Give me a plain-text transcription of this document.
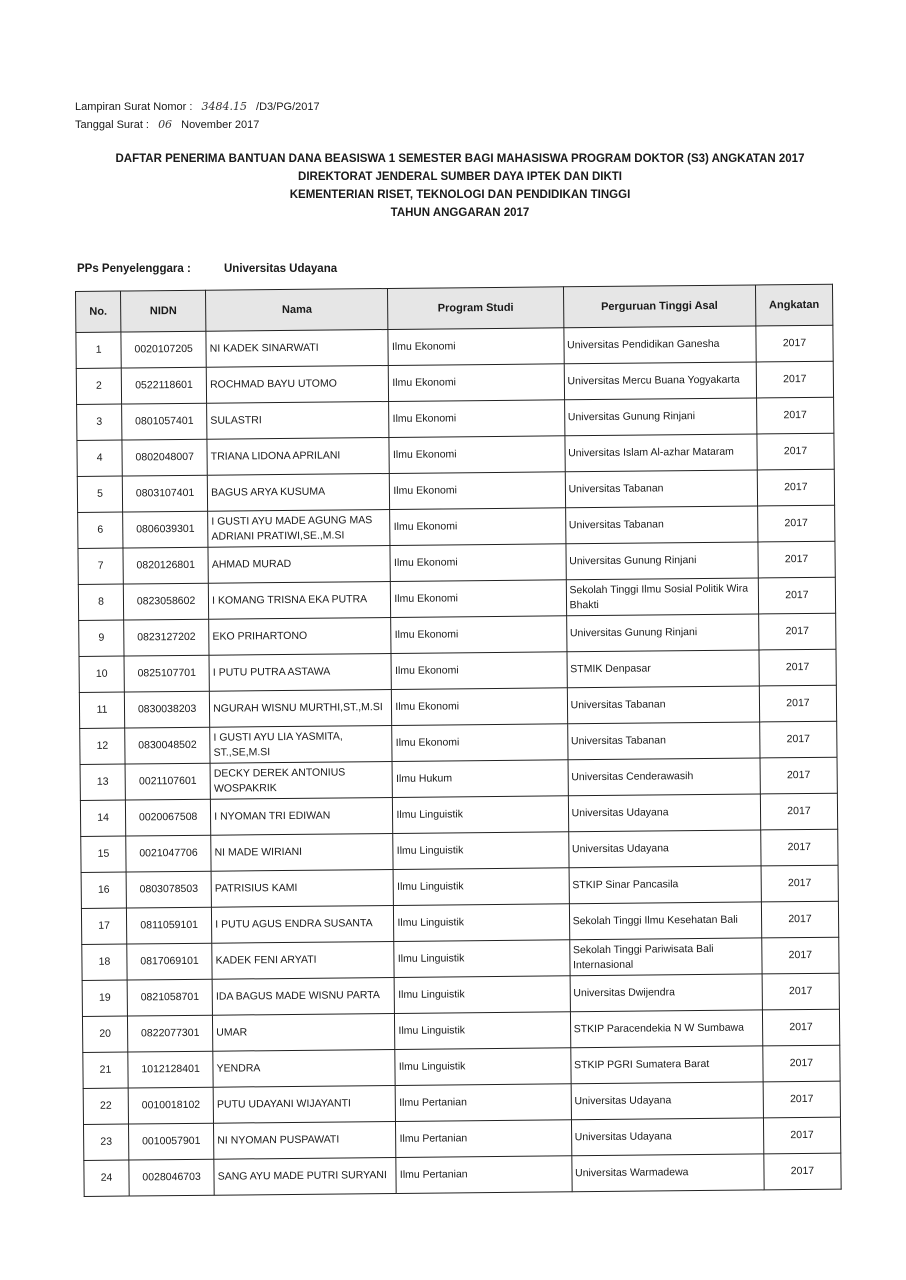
Lampiran Surat Nomor : 3484.15 /D3/PG/2017
Tanggal Surat : 06 November 2017
DAFTAR PENERIMA BANTUAN DANA BEASISWA 1 SEMESTER BAGI MAHASISWA PROGRAM DOKTOR (S3) ANGKATAN 2017
DIREKTORAT JENDERAL SUMBER DAYA IPTEK DAN DIKTI
KEMENTERIAN RISET, TEKNOLOGI DAN PENDIDIKAN TINGGI
TAHUN ANGGARAN 2017
PPs Penyelenggara :	Universitas Udayana
No.	NIDN	Nama	Program Studi	Perguruan Tinggi Asal	Angkatan
1	0020107205	NI KADEK SINARWATI	Ilmu Ekonomi	Universitas Pendidikan Ganesha	2017
2	0522118601	ROCHMAD BAYU UTOMO	Ilmu Ekonomi	Universitas Mercu Buana Yogyakarta	2017
3	0801057401	SULASTRI	Ilmu Ekonomi	Universitas Gunung Rinjani	2017
4	0802048007	TRIANA LIDONA APRILANI	Ilmu Ekonomi	Universitas Islam Al-azhar Mataram	2017
5	0803107401	BAGUS ARYA KUSUMA	Ilmu Ekonomi	Universitas Tabanan	2017
6	0806039301	I GUSTI AYU MADE AGUNG MAS ADRIANI PRATIWI,SE.,M.SI	Ilmu Ekonomi	Universitas Tabanan	2017
7	0820126801	AHMAD MURAD	Ilmu Ekonomi	Universitas Gunung Rinjani	2017
8	0823058602	I KOMANG TRISNA EKA PUTRA	Ilmu Ekonomi	Sekolah Tinggi Ilmu Sosial Politik Wira Bhakti	2017
9	0823127202	EKO PRIHARTONO	Ilmu Ekonomi	Universitas Gunung Rinjani	2017
10	0825107701	I PUTU PUTRA ASTAWA	Ilmu Ekonomi	STMIK Denpasar	2017
11	0830038203	NGURAH WISNU MURTHI,ST.,M.SI	Ilmu Ekonomi	Universitas Tabanan	2017
12	0830048502	I GUSTI AYU LIA YASMITA, ST.,SE,M.SI	Ilmu Ekonomi	Universitas Tabanan	2017
13	0021107601	DECKY DEREK ANTONIUS WOSPAKRIK	Ilmu Hukum	Universitas Cenderawasih	2017
14	0020067508	I NYOMAN TRI EDIWAN	Ilmu Linguistik	Universitas Udayana	2017
15	0021047706	NI MADE WIRIANI	Ilmu Linguistik	Universitas Udayana	2017
16	0803078503	PATRISIUS KAMI	Ilmu Linguistik	STKIP Sinar Pancasila	2017
17	0811059101	I PUTU AGUS ENDRA SUSANTA	Ilmu Linguistik	Sekolah Tinggi Ilmu Kesehatan Bali	2017
18	0817069101	KADEK FENI ARYATI	Ilmu Linguistik	Sekolah Tinggi Pariwisata Bali Internasional	2017
19	0821058701	IDA BAGUS MADE WISNU PARTA	Ilmu Linguistik	Universitas Dwijendra	2017
20	0822077301	UMAR	Ilmu Linguistik	STKIP Paracendekia N W Sumbawa	2017
21	1012128401	YENDRA	Ilmu Linguistik	STKIP PGRI Sumatera Barat	2017
22	0010018102	PUTU UDAYANI WIJAYANTI	Ilmu Pertanian	Universitas Udayana	2017
23	0010057901	NI NYOMAN PUSPAWATI	Ilmu Pertanian	Universitas Udayana	2017
24	0028046703	SANG AYU MADE PUTRI SURYANI	Ilmu Pertanian	Universitas Warmadewa	2017
